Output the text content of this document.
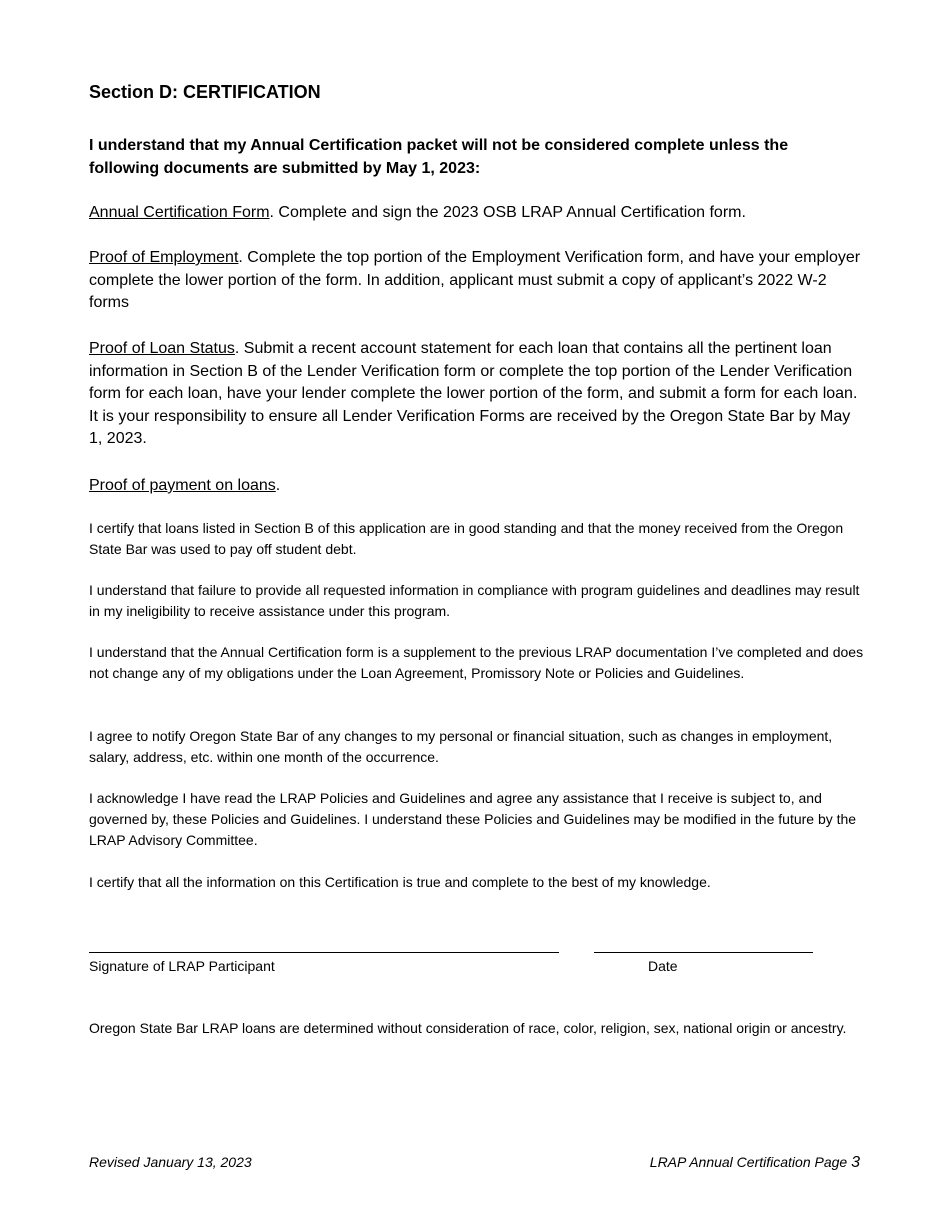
Section D: CERTIFICATION
I understand that my Annual Certification packet will not be considered complete unless the following documents are submitted by May 1, 2023:
Annual Certification Form. Complete and sign the 2023 OSB LRAP Annual Certification form.
Proof of Employment. Complete the top portion of the Employment Verification form, and have your employer complete the lower portion of the form. In addition, applicant must submit a copy of applicant’s 2022 W-2 forms
Proof of Loan Status. Submit a recent account statement for each loan that contains all the pertinent loan information in Section B of the Lender Verification form or complete the top portion of the Lender Verification form for each loan, have your lender complete the lower portion of the form, and submit a form for each loan. It is your responsibility to ensure all Lender Verification Forms are received by the Oregon State Bar by May 1, 2023.
Proof of payment on loans.
I certify that loans listed in Section B of this application are in good standing and that the money received from the Oregon State Bar was used to pay off student debt.
I understand that failure to provide all requested information in compliance with program guidelines and deadlines may result in my ineligibility to receive assistance under this program.
I understand that the Annual Certification form is a supplement to the previous LRAP documentation I’ve completed and does not change any of my obligations under the Loan Agreement, Promissory Note or Policies and Guidelines.
I agree to notify Oregon State Bar of any changes to my personal or financial situation, such as changes in employment, salary, address, etc. within one month of the occurrence.
I acknowledge I have read the LRAP Policies and Guidelines and agree any assistance that I receive is subject to, and governed by, these Policies and Guidelines. I understand these Policies and Guidelines may be modified in the future by the LRAP Advisory Committee.
I certify that all the information on this Certification is true and complete to the best of my knowledge.
Signature of LRAP Participant	Date
Oregon State Bar LRAP loans are determined without consideration of race, color, religion, sex, national origin or ancestry.
Revised January 13, 2023	LRAP Annual Certification Page 3
